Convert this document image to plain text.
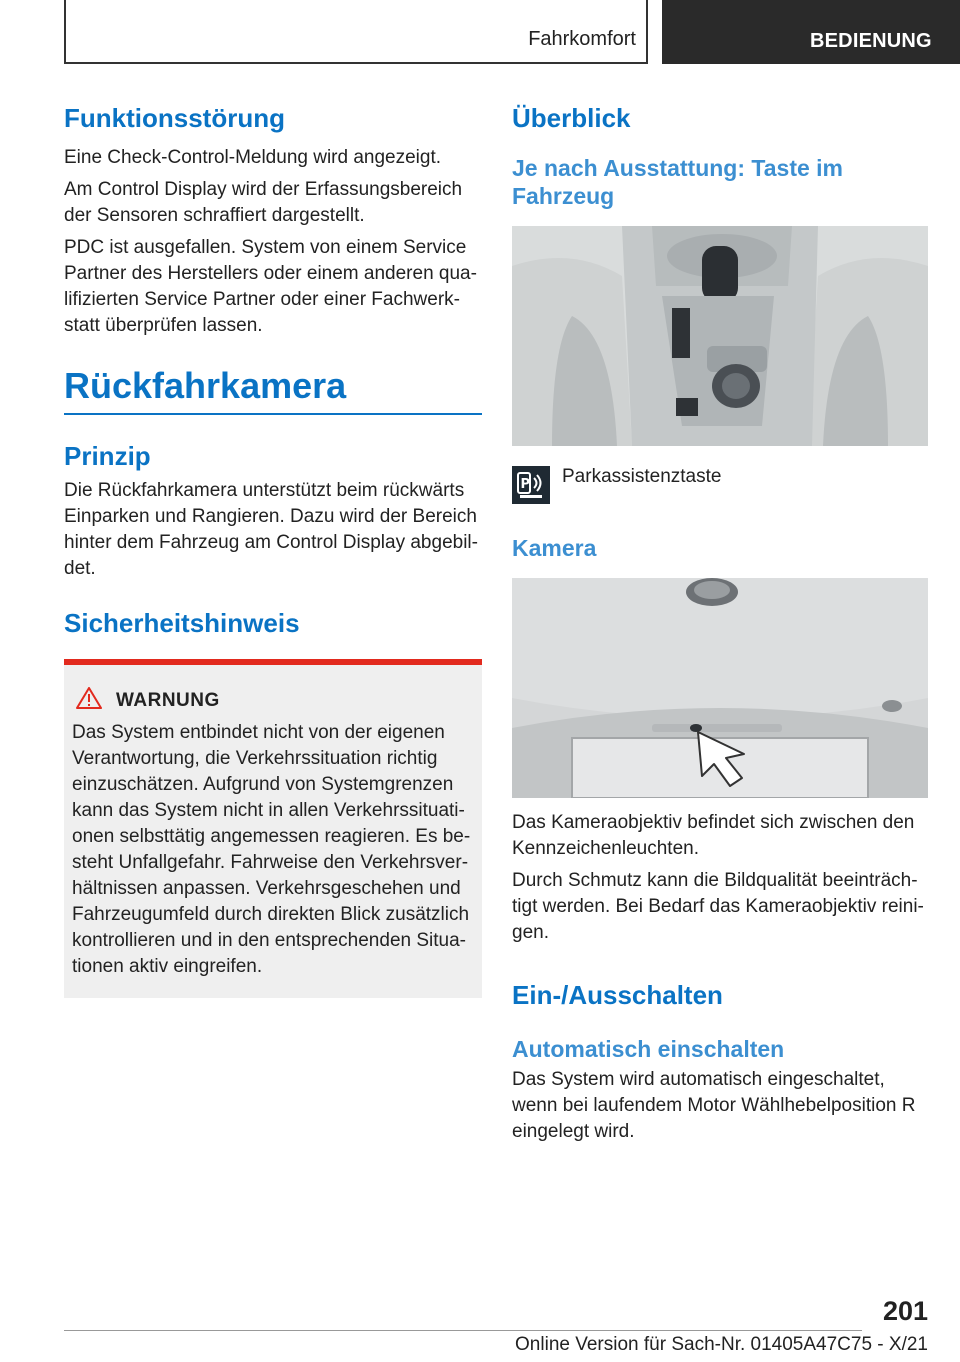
Fahrkomfort	BEDIENUNG
Funktionsstörung

Eine Check-Control-Meldung wird angezeigt.

Am Control Display wird der Erfassungsbereich der Sensoren schraffiert dargestellt.

PDC ist ausgefallen. System von einem Service Partner des Herstellers oder einem anderen qualifizierten Service Partner oder einer Fachwerkstatt überprüfen lassen.

Rückfahrkamera
Prinzip

Die Rückfahrkamera unterstützt beim rückwärts Einparken und Rangieren. Dazu wird der Bereich hinter dem Fahrzeug am Control Display abgebildet.

Sicherheitshinweis
WARNUNG

Das System entbindet nicht von der eigenen Verantwortung, die Verkehrssituation richtig einzuschätzen. Aufgrund von Systemgrenzen kann das System nicht in allen Verkehrssituationen selbsttätig angemessen reagieren. Es besteht Unfallgefahr. Fahrweise den Verkehrsverhältnissen anpassen. Verkehrsgeschehen und Fahrzeugumfeld durch direkten Blick zusätzlich kontrollieren und in den entsprechenden Situationen aktiv eingreifen.

Überblick
Je nach Ausstattung: Taste im Fahrzeug
P Parkassistenztaste

Kamera

Das Kameraobjektiv befindet sich zwischen den Kennzeichenleuchten.

Durch Schmutz kann die Bildqualität beeinträchtigt werden. Bei Bedarf das Kameraobjektiv reinigen.

Ein-/Ausschalten
Automatisch einschalten

Das System wird automatisch eingeschaltet, wenn bei laufendem Motor Wählhebelposition R eingelegt wird.

201
Online Version für Sach-Nr. 01405A47C75 - X/21
